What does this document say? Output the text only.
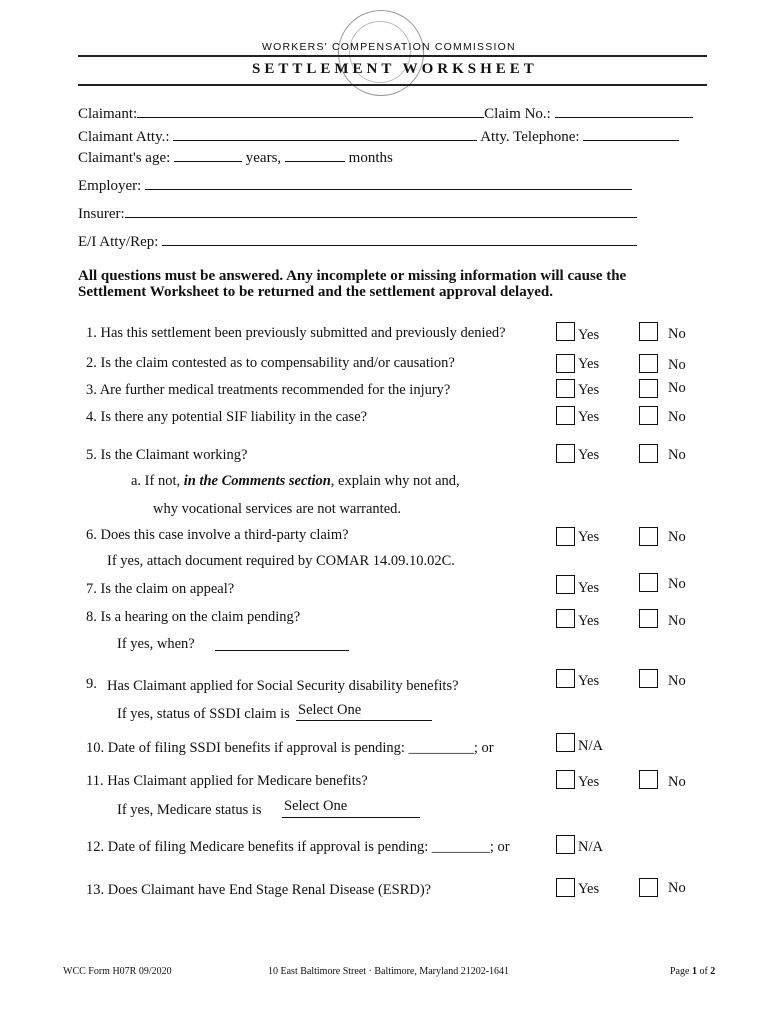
WORKERS' COMPENSATION COMMISSION
SETTLEMENT WORKSHEET
Claimant:	Claim No.:
Claimant Atty.:	Atty. Telephone:
Claimant's age:	years,	months
Employer:
Insurer:
E/I Atty/Rep:
All questions must be answered. Any incomplete or missing information will cause the Settlement Worksheet to be returned and the settlement approval delayed.
1. Has this settlement been previously submitted and previously denied?	Yes	No
2. Is the claim contested as to compensability and/or causation?	Yes	No
3. Are further medical treatments recommended for the injury?	Yes	No
4. Is there any potential SIF liability in the case?	Yes	No
5. Is the Claimant working?	Yes	No
a. If not, in the Comments section, explain why not and,
why vocational services are not warranted.
6. Does this case involve a third-party claim?	Yes	No
If yes, attach document required by COMAR 14.09.10.02C.
7. Is the claim on appeal?	Yes	No
8. Is a hearing on the claim pending?	Yes	No
If yes, when?
9. Has Claimant applied for Social Security disability benefits?	Yes	No
If yes, status of SSDI claim is Select One
10. Date of filing SSDI benefits if approval is pending: _________; or	N/A
11. Has Claimant applied for Medicare benefits?	Yes	No
If yes, Medicare status is Select One
12. Date of filing Medicare benefits if approval is pending: ________; or	N/A
13. Does Claimant have End Stage Renal Disease (ESRD)?	Yes	No
WCC Form H07R 09/2020	10 East Baltimore Street · Baltimore, Maryland 21202-1641	Page 1 of 2
